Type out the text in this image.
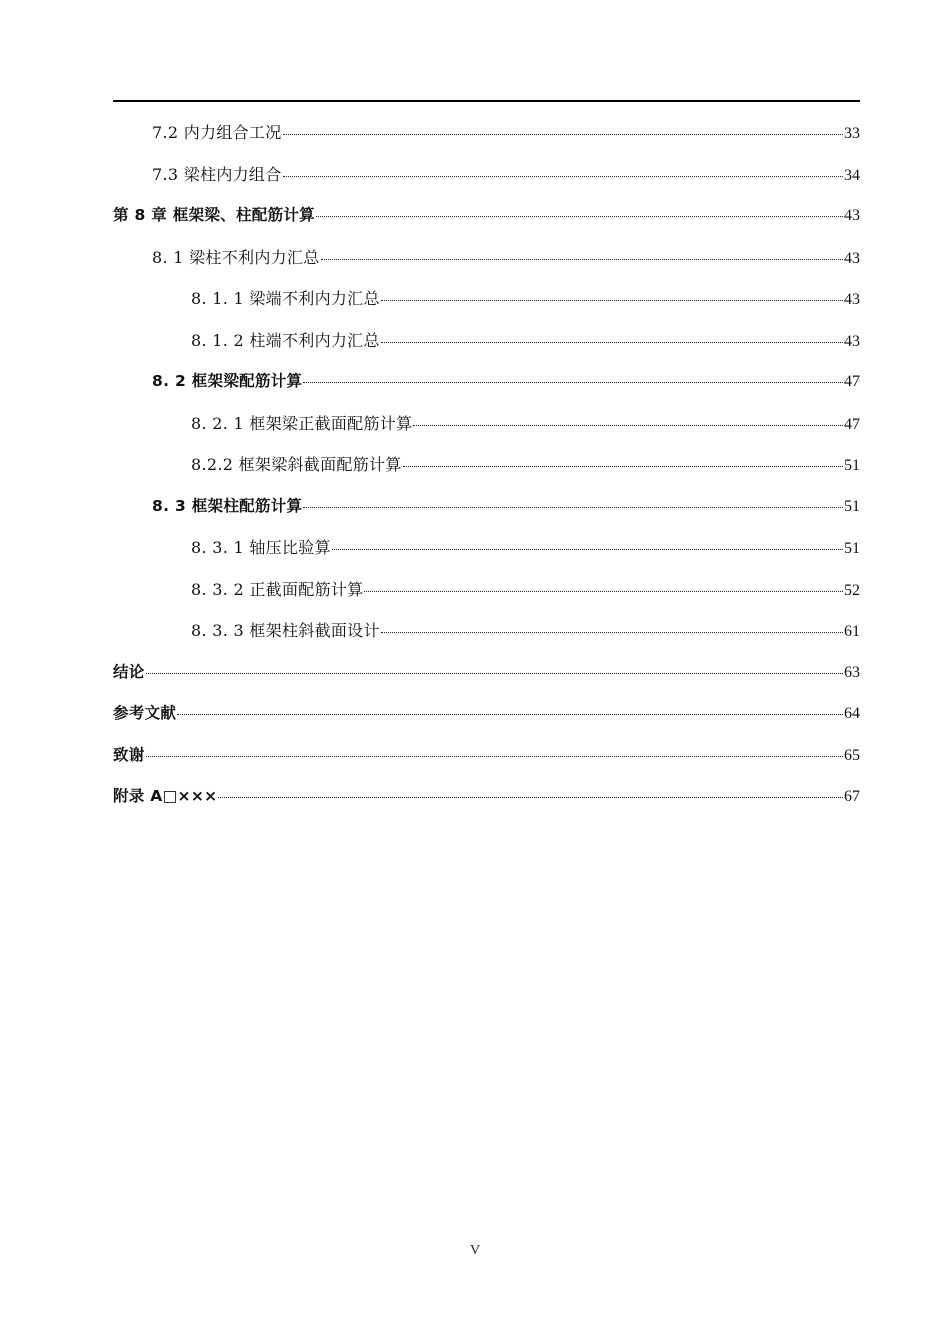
7.2 内力组合工况	33
7.3 梁柱内力组合	34
第 8 章 框架梁、柱配筋计算	43
8. 1 梁柱不利内力汇总	43
8. 1. 1 梁端不利内力汇总	43
8. 1. 2 柱端不利内力汇总	43
8. 2 框架梁配筋计算	47
8. 2. 1 框架梁正截面配筋计算	47
8.2.2 框架梁斜截面配筋计算	51
8. 3 框架柱配筋计算	51
8. 3. 1 轴压比验算	51
8. 3. 2 正截面配筋计算	52
8. 3. 3 框架柱斜截面设计	61
结论	63
参考文献	64
致谢	65
附录 A□×××	67
V
